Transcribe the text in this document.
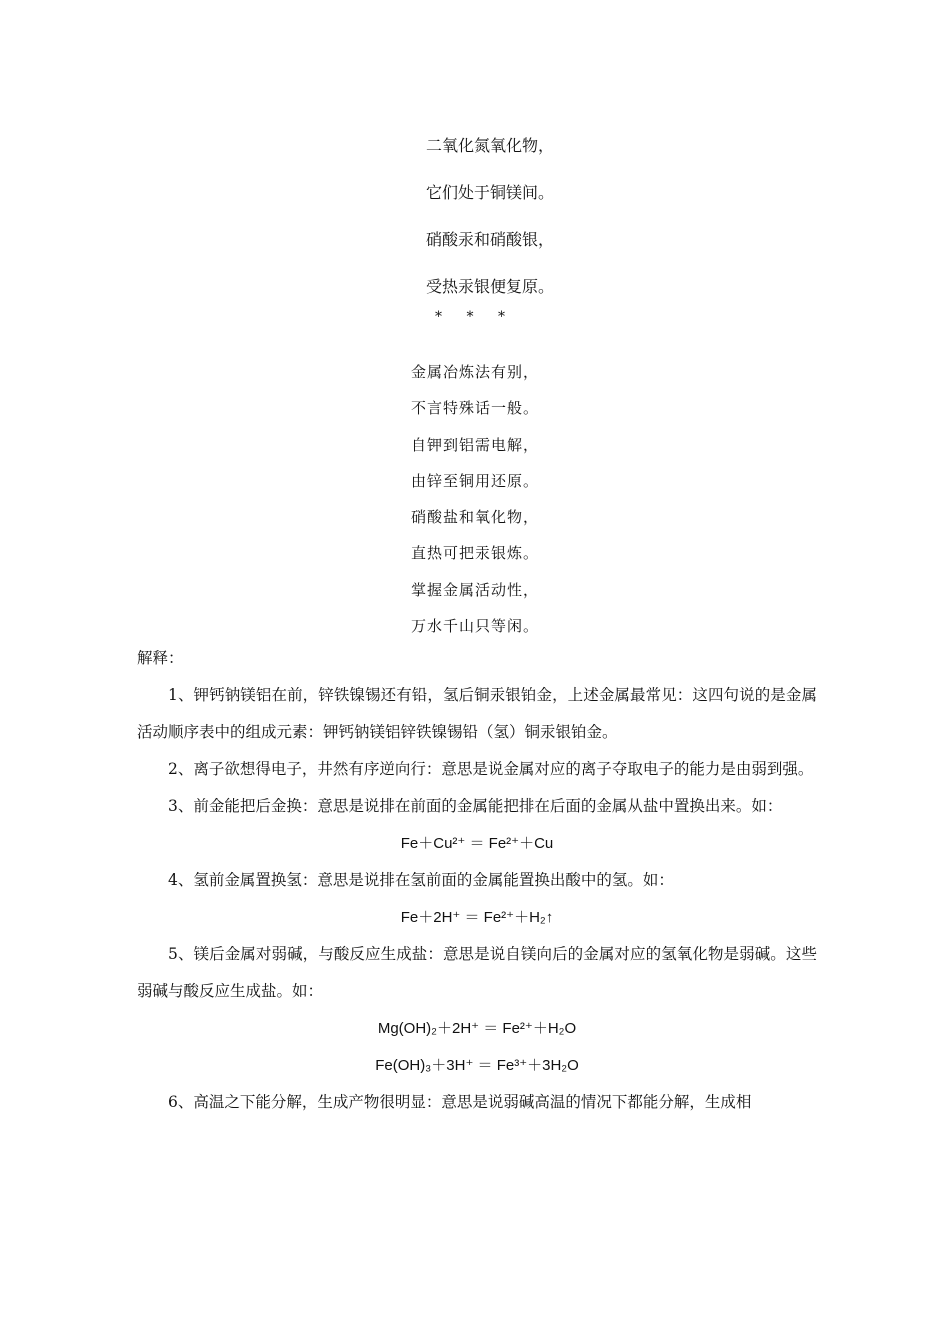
二氧化氮氧化物，
它们处于铜镁间。
硝酸汞和硝酸银，
受热汞银便复原。
* * *
金属冶炼法有别，
不言特殊话一般。
自钾到铝需电解，
由锌至铜用还原。
硝酸盐和氧化物，
直热可把汞银炼。
掌握金属活动性，
万水千山只等闲。

解释：

1、钾钙钠镁铝在前，锌铁镍锡还有铅，氢后铜汞银铂金，上述金属最常见：这四句说的是金属活动顺序表中的组成元素：钾钙钠镁铝锌铁镍锡铅（氢）铜汞银铂金。

2、离子欲想得电子，井然有序逆向行：意思是说金属对应的离子夺取电子的能力是由弱到强。

3、前金能把后金换：意思是说排在前面的金属能把排在后面的金属从盐中置换出来。如：

Fe＋Cu²⁺ ＝ Fe²⁺＋Cu

4、氢前金属置换氢：意思是说排在氢前面的金属能置换出酸中的氢。如：

Fe＋2H⁺ ＝ Fe²⁺＋H₂↑

5、镁后金属对弱碱，与酸反应生成盐：意思是说自镁向后的金属对应的氢氧化物是弱碱。这些弱碱与酸反应生成盐。如：

Mg(OH)₂＋2H⁺ ＝ Fe²⁺＋H₂O

Fe(OH)₃＋3H⁺ ＝ Fe³⁺＋3H₂O

6、高温之下能分解，生成产物很明显：意思是说弱碱高温的情况下都能分解，生成相
